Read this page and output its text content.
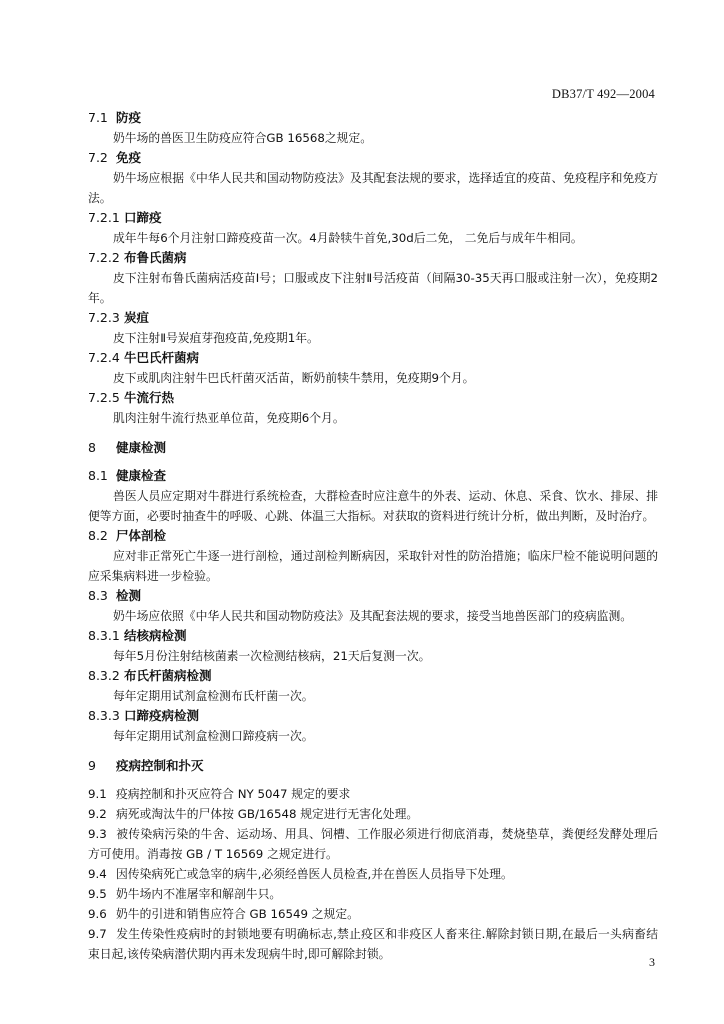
DB37/T 492—2004
7.1 防疫

奶牛场的兽医卫生防疫应符合GB 16568之规定。

7.2 免疫

奶牛场应根据《中华人民共和国动物防疫法》及其配套法规的要求，选择适宜的疫苗、免疫程序和免疫方法。

7.2.1 口蹄疫

成年牛每6个月注射口蹄疫疫苗一次。4月龄犊牛首免,30d后二免， 二免后与成年牛相同。

7.2.2 布鲁氏菌病

皮下注射布鲁氏菌病活疫苗Ⅰ号；口服或皮下注射Ⅱ号活疫苗（间隔30-35天再口服或注射一次），免疫期2年。

7.2.3 炭疽

皮下注射Ⅱ号炭疽芽孢疫苗,免疫期1年。

7.2.4 牛巴氏杆菌病

皮下或肌肉注射牛巴氏杆菌灭活苗，断奶前犊牛禁用，免疫期9个月。

7.2.5 牛流行热

肌肉注射牛流行热亚单位苗，免疫期6个月。

8 健康检测
8.1 健康检查

兽医人员应定期对牛群进行系统检查，大群检查时应注意牛的外表、运动、休息、采食、饮水、排尿、排便等方面，必要时抽查牛的呼吸、心跳、体温三大指标。对获取的资料进行统计分析，做出判断，及时治疗。

8.2 尸体剖检

应对非正常死亡牛逐一进行剖检，通过剖检判断病因，采取针对性的防治措施；临床尸检不能说明问题的应采集病料进一步检验。

8.3 检测

奶牛场应依照《中华人民共和国动物防疫法》及其配套法规的要求，接受当地兽医部门的疫病监测。

8.3.1 结核病检测

每年5月份注射结核菌素一次检测结核病，21天后复测一次。

8.3.2 布氏杆菌病检测

每年定期用试剂盒检测布氏杆菌一次。

8.3.3 口蹄疫病检测

每年定期用试剂盒检测口蹄疫病一次。

9 疫病控制和扑灭

9.1 疫病控制和扑灭应符合 NY 5047 规定的要求

9.2 病死或淘汰牛的尸体按 GB/16548 规定进行无害化处理。

9.3 被传染病污染的牛舍、运动场、用具、饲槽、工作服必须进行彻底消毒，焚烧垫草，粪便经发酵处理后方可使用。消毒按 GB / T 16569 之规定进行。

9.4 因传染病死亡或急宰的病牛,必须经兽医人员检查,并在兽医人员指导下处理。

9.5 奶牛场内不准屠宰和解剖牛只。

9.6 奶牛的引进和销售应符合 GB 16549 之规定。

9.7 发生传染性疫病时的封锁地要有明确标志,禁止疫区和非疫区人畜来往.解除封锁日期,在最后一头病畜结束日起,该传染病潜伏期内再未发现病牛时,即可解除封锁。

3
